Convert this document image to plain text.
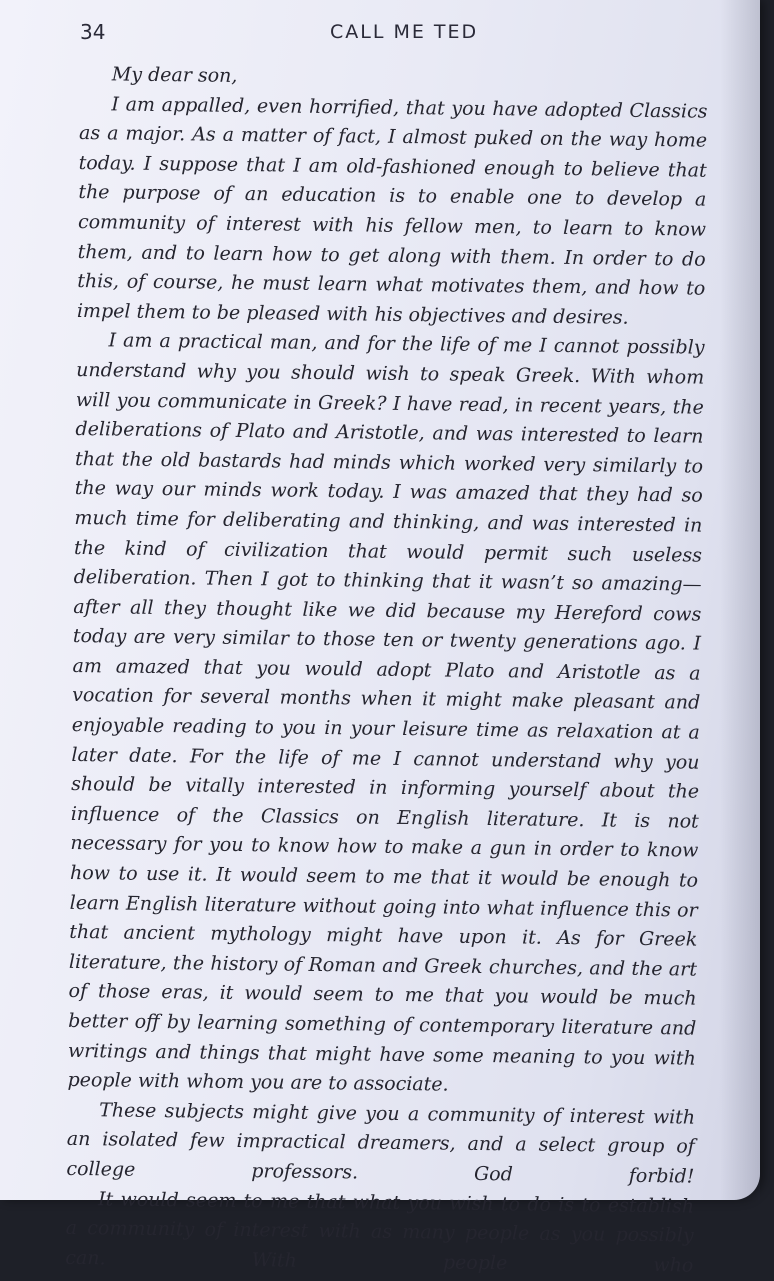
34	CALL ME TED

My dear son,

I am appalled, even horrified, that you have adopted Classics as a major. As a matter of fact, I almost puked on the way home today. I suppose that I am old-fashioned enough to believe that the purpose of an education is to enable one to develop a community of interest with his fellow men, to learn to know them, and to learn how to get along with them. In order to do this, of course, he must learn what motivates them, and how to impel them to be pleased with his objectives and desires.

I am a practical man, and for the life of me I cannot possibly understand why you should wish to speak Greek. With whom will you communicate in Greek? I have read, in recent years, the deliberations of Plato and Aristotle, and was interested to learn that the old bastards had minds which worked very similarly to the way our minds work today. I was amazed that they had so much time for deliberating and thinking, and was interested in the kind of civilization that would permit such useless deliberation. Then I got to thinking that it wasn’t so amazing—after all they thought like we did because my Hereford cows today are very similar to those ten or twenty generations ago. I am amazed that you would adopt Plato and Aristotle as a vocation for several months when it might make pleasant and enjoyable reading to you in your leisure time as relaxation at a later date. For the life of me I cannot understand why you should be vitally interested in informing yourself about the influence of the Classics on English literature. It is not necessary for you to know how to make a gun in order to know how to use it. It would seem to me that it would be enough to learn English literature without going into what influence this or that ancient mythology might have upon it. As for Greek literature, the history of Roman and Greek churches, and the art of those eras, it would seem to me that you would be much better off by learning something of contemporary literature and writings and things that might have some meaning to you with people with whom you are to associate.

These subjects might give you a community of interest with an isolated few impractical dreamers, and a select group of college professors. God forbid!

It would seem to me that what you wish to do is to establish a community of interest with as many people as you possibly can. With people who
